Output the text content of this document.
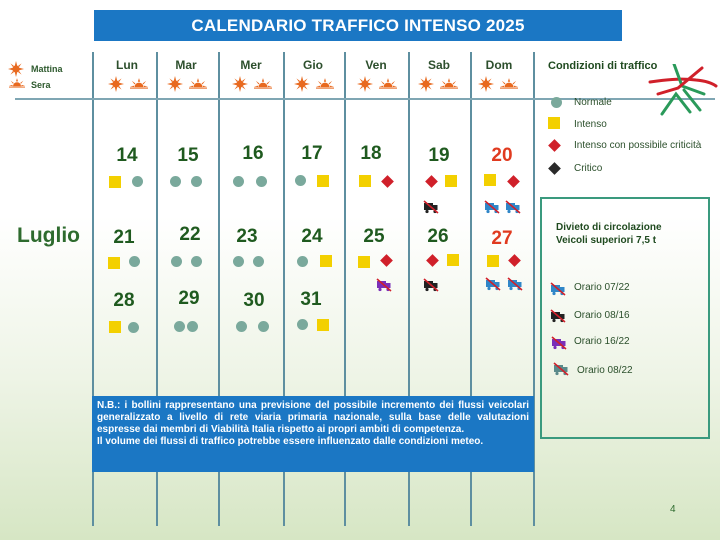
CALENDARIO TRAFFICO INTENSO 2025
Mattina
Sera
Lun	Mar	Mer	Gio	Ven	Sab	Dom	Condizioni di traffico
Normale
Intenso
Intenso con possibile criticità
Critico
Luglio
14	15	16	17	18	19	20
21	22	23	24	25	26	27
28	29	30	31
Divieto di circolazione
Veicoli superiori 7,5 t
Orario 07/22
Orario 08/16
Orario 16/22
Orario 08/22
N.B.: i bollini rappresentano una previsione del possibile incremento dei flussi veicolari generalizzato a livello di rete viaria primaria nazionale, sulla base delle valutazioni espresse dai membri di Viabilità Italia rispetto ai propri ambiti di competenza.
Il volume dei flussi di traffico potrebbe essere influenzato dalle condizioni meteo.
4
